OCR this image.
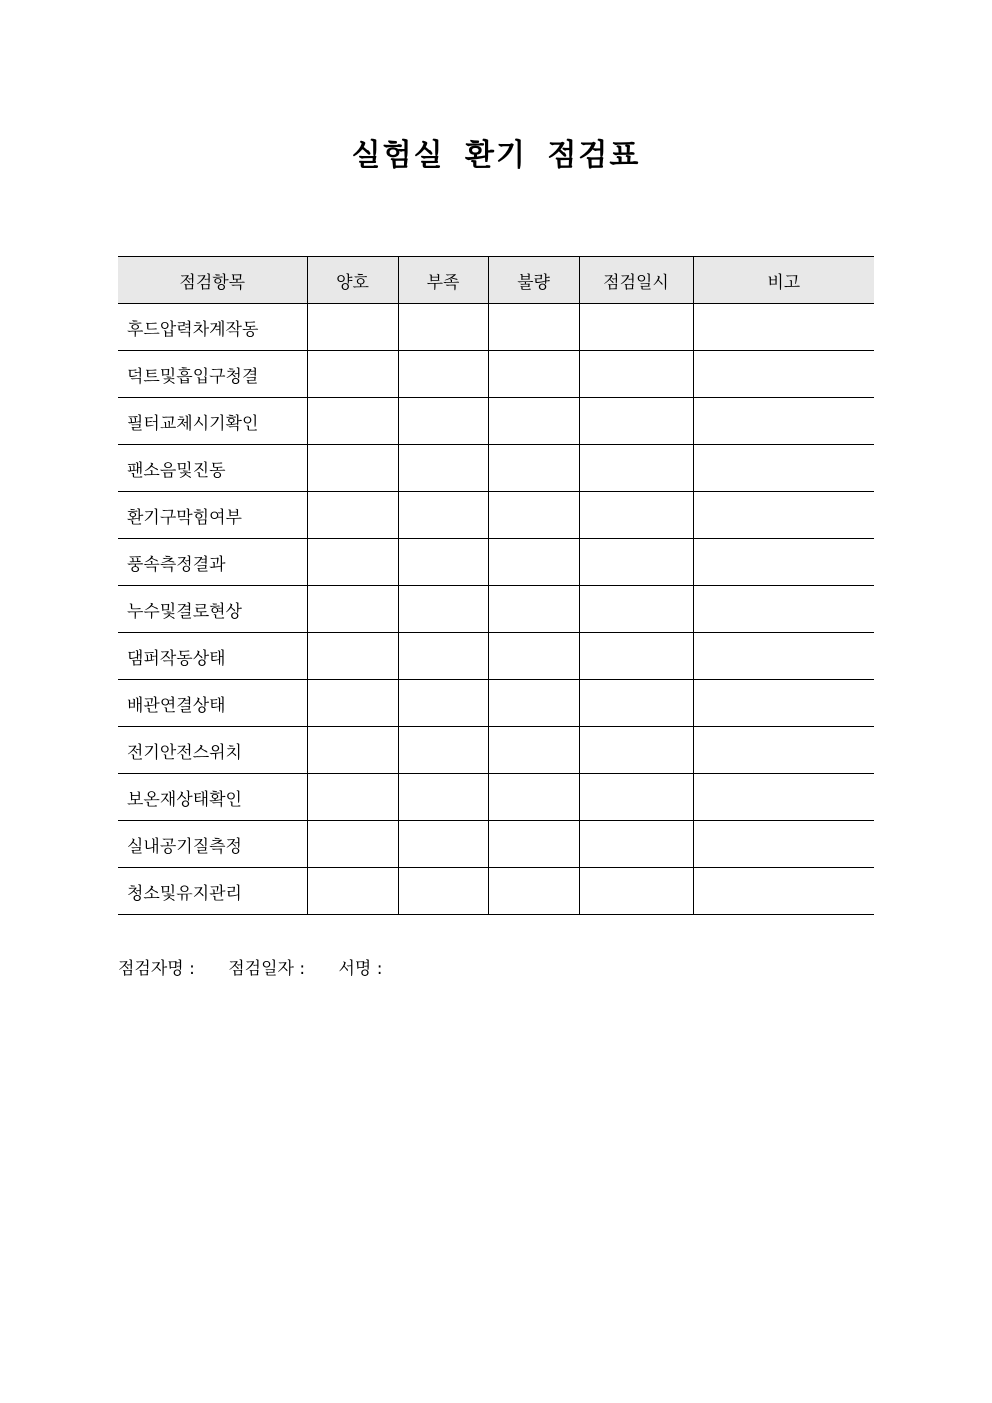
실험실 환기 점검표
점검항목	양호	부족	불량	점검일시	비고
후드압력차계작동					
덕트및흡입구청결					
필터교체시기확인					
팬소음및진동					
환기구막힘여부					
풍속측정결과					
누수및결로현상					
댐퍼작동상태					
배관연결상태					
전기안전스위치					
보온재상태확인					
실내공기질측정					
청소및유지관리					
점검자명 : 점검일자 : 서명 :
